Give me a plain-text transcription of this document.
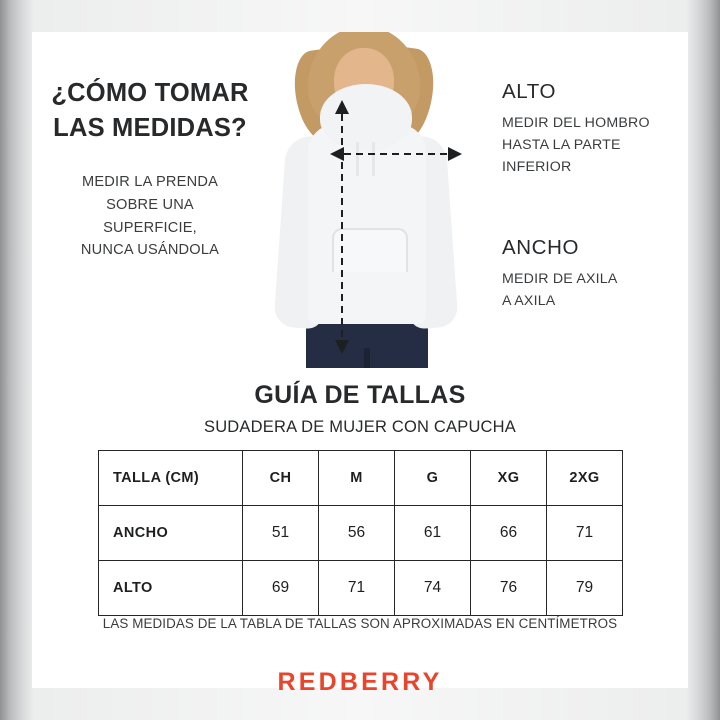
¿CÓMO TOMAR
LAS MEDIDAS?
MEDIR LA PRENDA
SOBRE UNA
SUPERFICIE,
NUNCA USÁNDOLA
ALTO
MEDIR DEL HOMBRO
HASTA LA PARTE
INFERIOR
ANCHO
MEDIR DE AXILA
A AXILA
GUÍA DE TALLAS
SUDADERA DE MUJER CON CAPUCHA
TALLA (CM)	CH	M	G	XG	2XG
ANCHO	51	56	61	66	71
ALTO	69	71	74	76	79
LAS MEDIDAS DE LA TABLA DE TALLAS SON APROXIMADAS EN CENTÍMETROS
REDBERRY
